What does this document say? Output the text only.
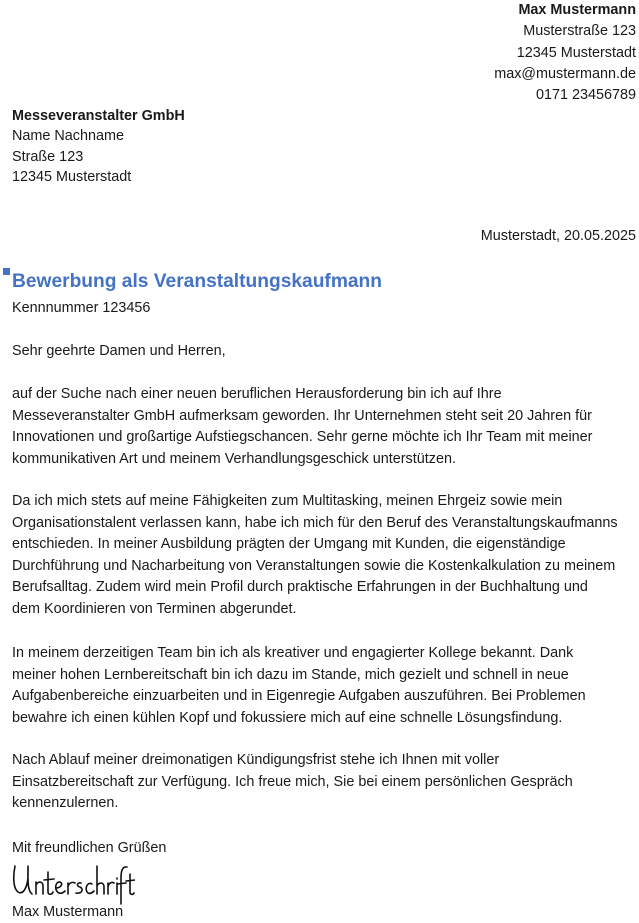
Max Mustermann
Musterstraße 123
12345 Musterstadt
max@mustermann.de
0171 23456789
Messeveranstalter GmbH
Name Nachname
Straße 123
12345 Musterstadt
Musterstadt, 20.05.2025
Bewerbung als Veranstaltungskaufmann
Kennnummer 123456
Sehr geehrte Damen und Herren,
auf der Suche nach einer neuen beruflichen Herausforderung bin ich auf Ihre
Messeveranstalter GmbH aufmerksam geworden. Ihr Unternehmen steht seit 20 Jahren für
Innovationen und großartige Aufstiegschancen. Sehr gerne möchte ich Ihr Team mit meiner
kommunikativen Art und meinem Verhandlungsgeschick unterstützen.
Da ich mich stets auf meine Fähigkeiten zum Multitasking, meinen Ehrgeiz sowie mein
Organisationstalent verlassen kann, habe ich mich für den Beruf des Veranstaltungskaufmanns
entschieden. In meiner Ausbildung prägten der Umgang mit Kunden, die eigenständige
Durchführung und Nacharbeitung von Veranstaltungen sowie die Kostenkalkulation zu meinem
Berufsalltag. Zudem wird mein Profil durch praktische Erfahrungen in der Buchhaltung und
dem Koordinieren von Terminen abgerundet.
In meinem derzeitigen Team bin ich als kreativer und engagierter Kollege bekannt. Dank
meiner hohen Lernbereitschaft bin ich dazu im Stande, mich gezielt und schnell in neue
Aufgabenbereiche einzuarbeiten und in Eigenregie Aufgaben auszuführen. Bei Problemen
bewahre ich einen kühlen Kopf und fokussiere mich auf eine schnelle Lösungsfindung.
Nach Ablauf meiner dreimonatigen Kündigungsfrist stehe ich Ihnen mit voller
Einsatzbereitschaft zur Verfügung. Ich freue mich, Sie bei einem persönlichen Gespräch
kennenzulernen.
Mit freundlichen Grüßen
Max Mustermann
